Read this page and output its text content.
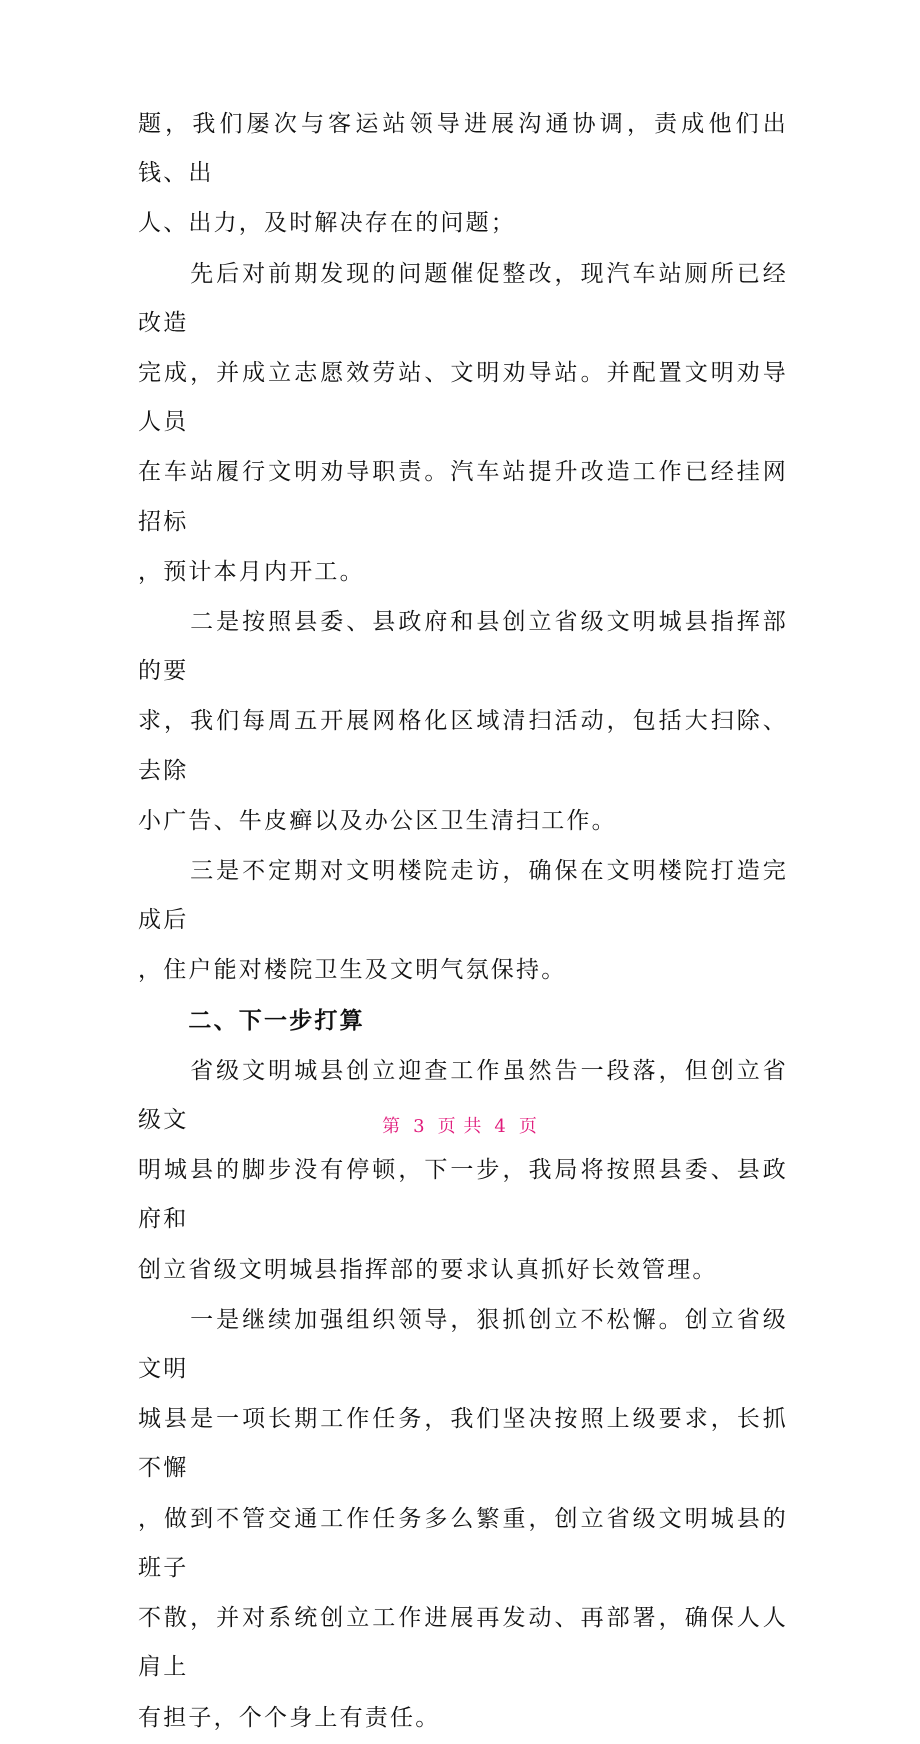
题，我们屡次与客运站领导进展沟通协调，责成他们出钱、出
人、出力，及时解决存在的问题；
　　先后对前期发现的问题催促整改，现汽车站厕所已经改造
完成，并成立志愿效劳站、文明劝导站。并配置文明劝导人员
在车站履行文明劝导职责。汽车站提升改造工作已经挂网招标
，预计本月内开工。
　　二是按照县委、县政府和县创立省级文明城县指挥部的要
求，我们每周五开展网格化区域清扫活动，包括大扫除、去除
小广告、牛皮癣以及办公区卫生清扫工作。
　　三是不定期对文明楼院走访，确保在文明楼院打造完成后
，住户能对楼院卫生及文明气氛保持。
　　二、下一步打算
　　省级文明城县创立迎查工作虽然告一段落，但创立省级文
明城县的脚步没有停顿，下一步，我局将按照县委、县政府和
创立省级文明城县指挥部的要求认真抓好长效管理。
　　一是继续加强组织领导，狠抓创立不松懈。创立省级文明
城县是一项长期工作任务，我们坚决按照上级要求，长抓不懈
，做到不管交通工作任务多么繁重，创立省级文明城县的班子
不散，并对系统创立工作进展再发动、再部署，确保人人肩上
有担子，个个身上有责任。
第 3 页 共 4 页
